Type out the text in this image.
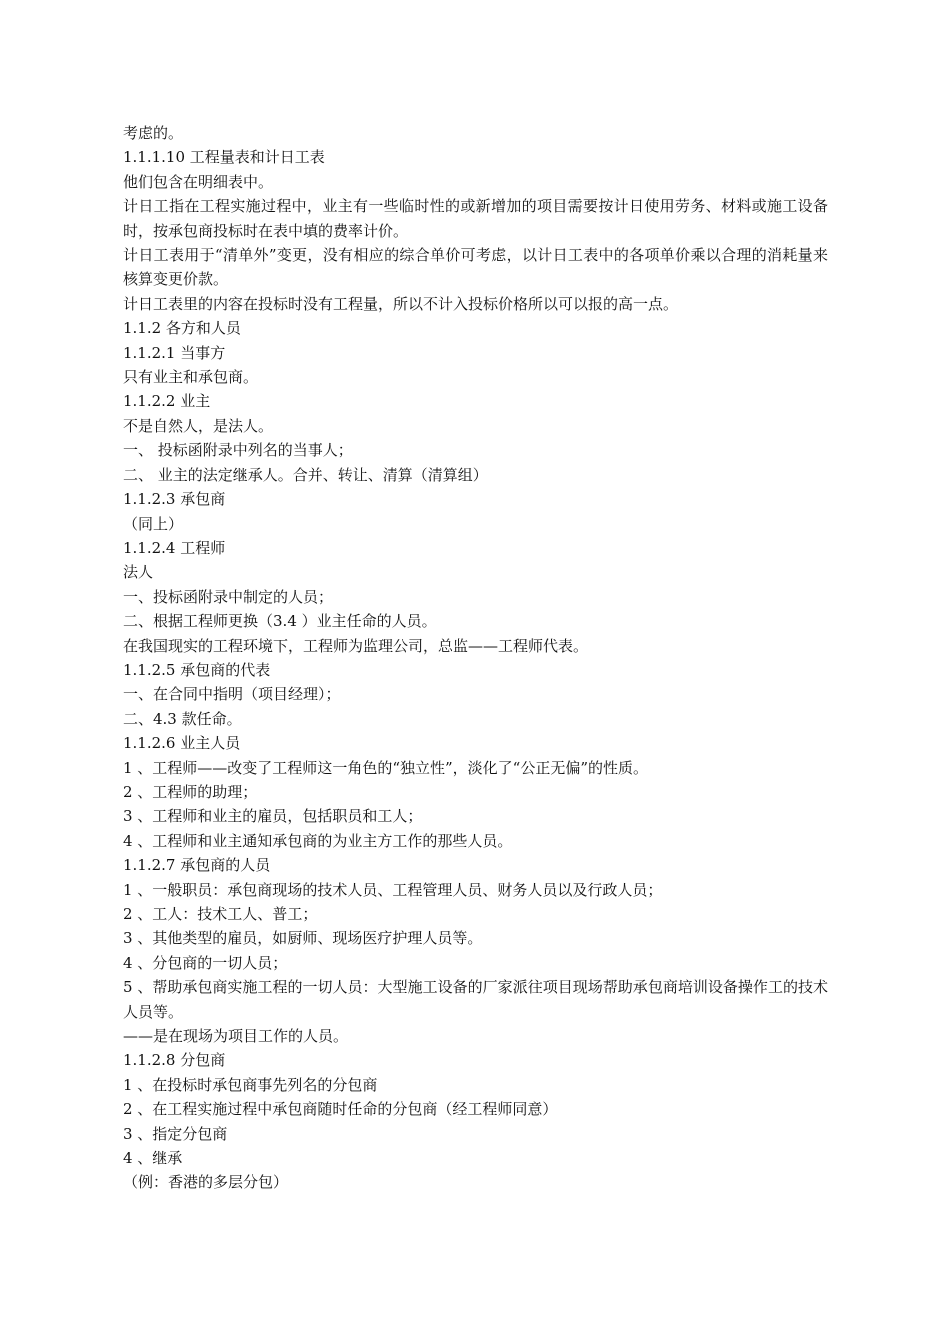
考虑的。

1.1.1.10 工程量表和计日工表

他们包含在明细表中。

计日工指在工程实施过程中，业主有一些临时性的或新增加的项目需要按计日使用劳务、材料或施工设备时，按承包商投标时在表中填的费率计价。

计日工表用于“清单外”变更，没有相应的综合单价可考虑，以计日工表中的各项单价乘以合理的消耗量来核算变更价款。

计日工表里的内容在投标时没有工程量，所以不计入投标价格所以可以报的高一点。

1.1.2 各方和人员

1.1.2.1 当事方

只有业主和承包商。

1.1.2.2 业主

不是自然人，是法人。

一、 投标函附录中列名的当事人；

二、 业主的法定继承人。合并、转让、清算（清算组）

1.1.2.3 承包商

（同上）

1.1.2.4 工程师

法人

一、投标函附录中制定的人员；

二、根据工程师更换（3.4 ）业主任命的人员。

在我国现实的工程环境下，工程师为监理公司，总监——工程师代表。

1.1.2.5 承包商的代表

一、在合同中指明（项目经理）；

二、4.3 款任命。

1.1.2.6 业主人员

1 、工程师——改变了工程师这一角色的“独立性”，淡化了“公正无偏”的性质。

2 、工程师的助理；

3 、工程师和业主的雇员，包括职员和工人；

4 、工程师和业主通知承包商的为业主方工作的那些人员。

1.1.2.7 承包商的人员

1 、一般职员：承包商现场的技术人员、工程管理人员、财务人员以及行政人员；

2 、工人：技术工人、普工；

3 、其他类型的雇员，如厨师、现场医疗护理人员等。

4 、分包商的一切人员；

5 、帮助承包商实施工程的一切人员：大型施工设备的厂家派往项目现场帮助承包商培训设备操作工的技术人员等。

——是在现场为项目工作的人员。

1.1.2.8 分包商

1 、在投标时承包商事先列名的分包商

2 、在工程实施过程中承包商随时任命的分包商（经工程师同意）

3 、指定分包商

4 、继承

（例：香港的多层分包）
